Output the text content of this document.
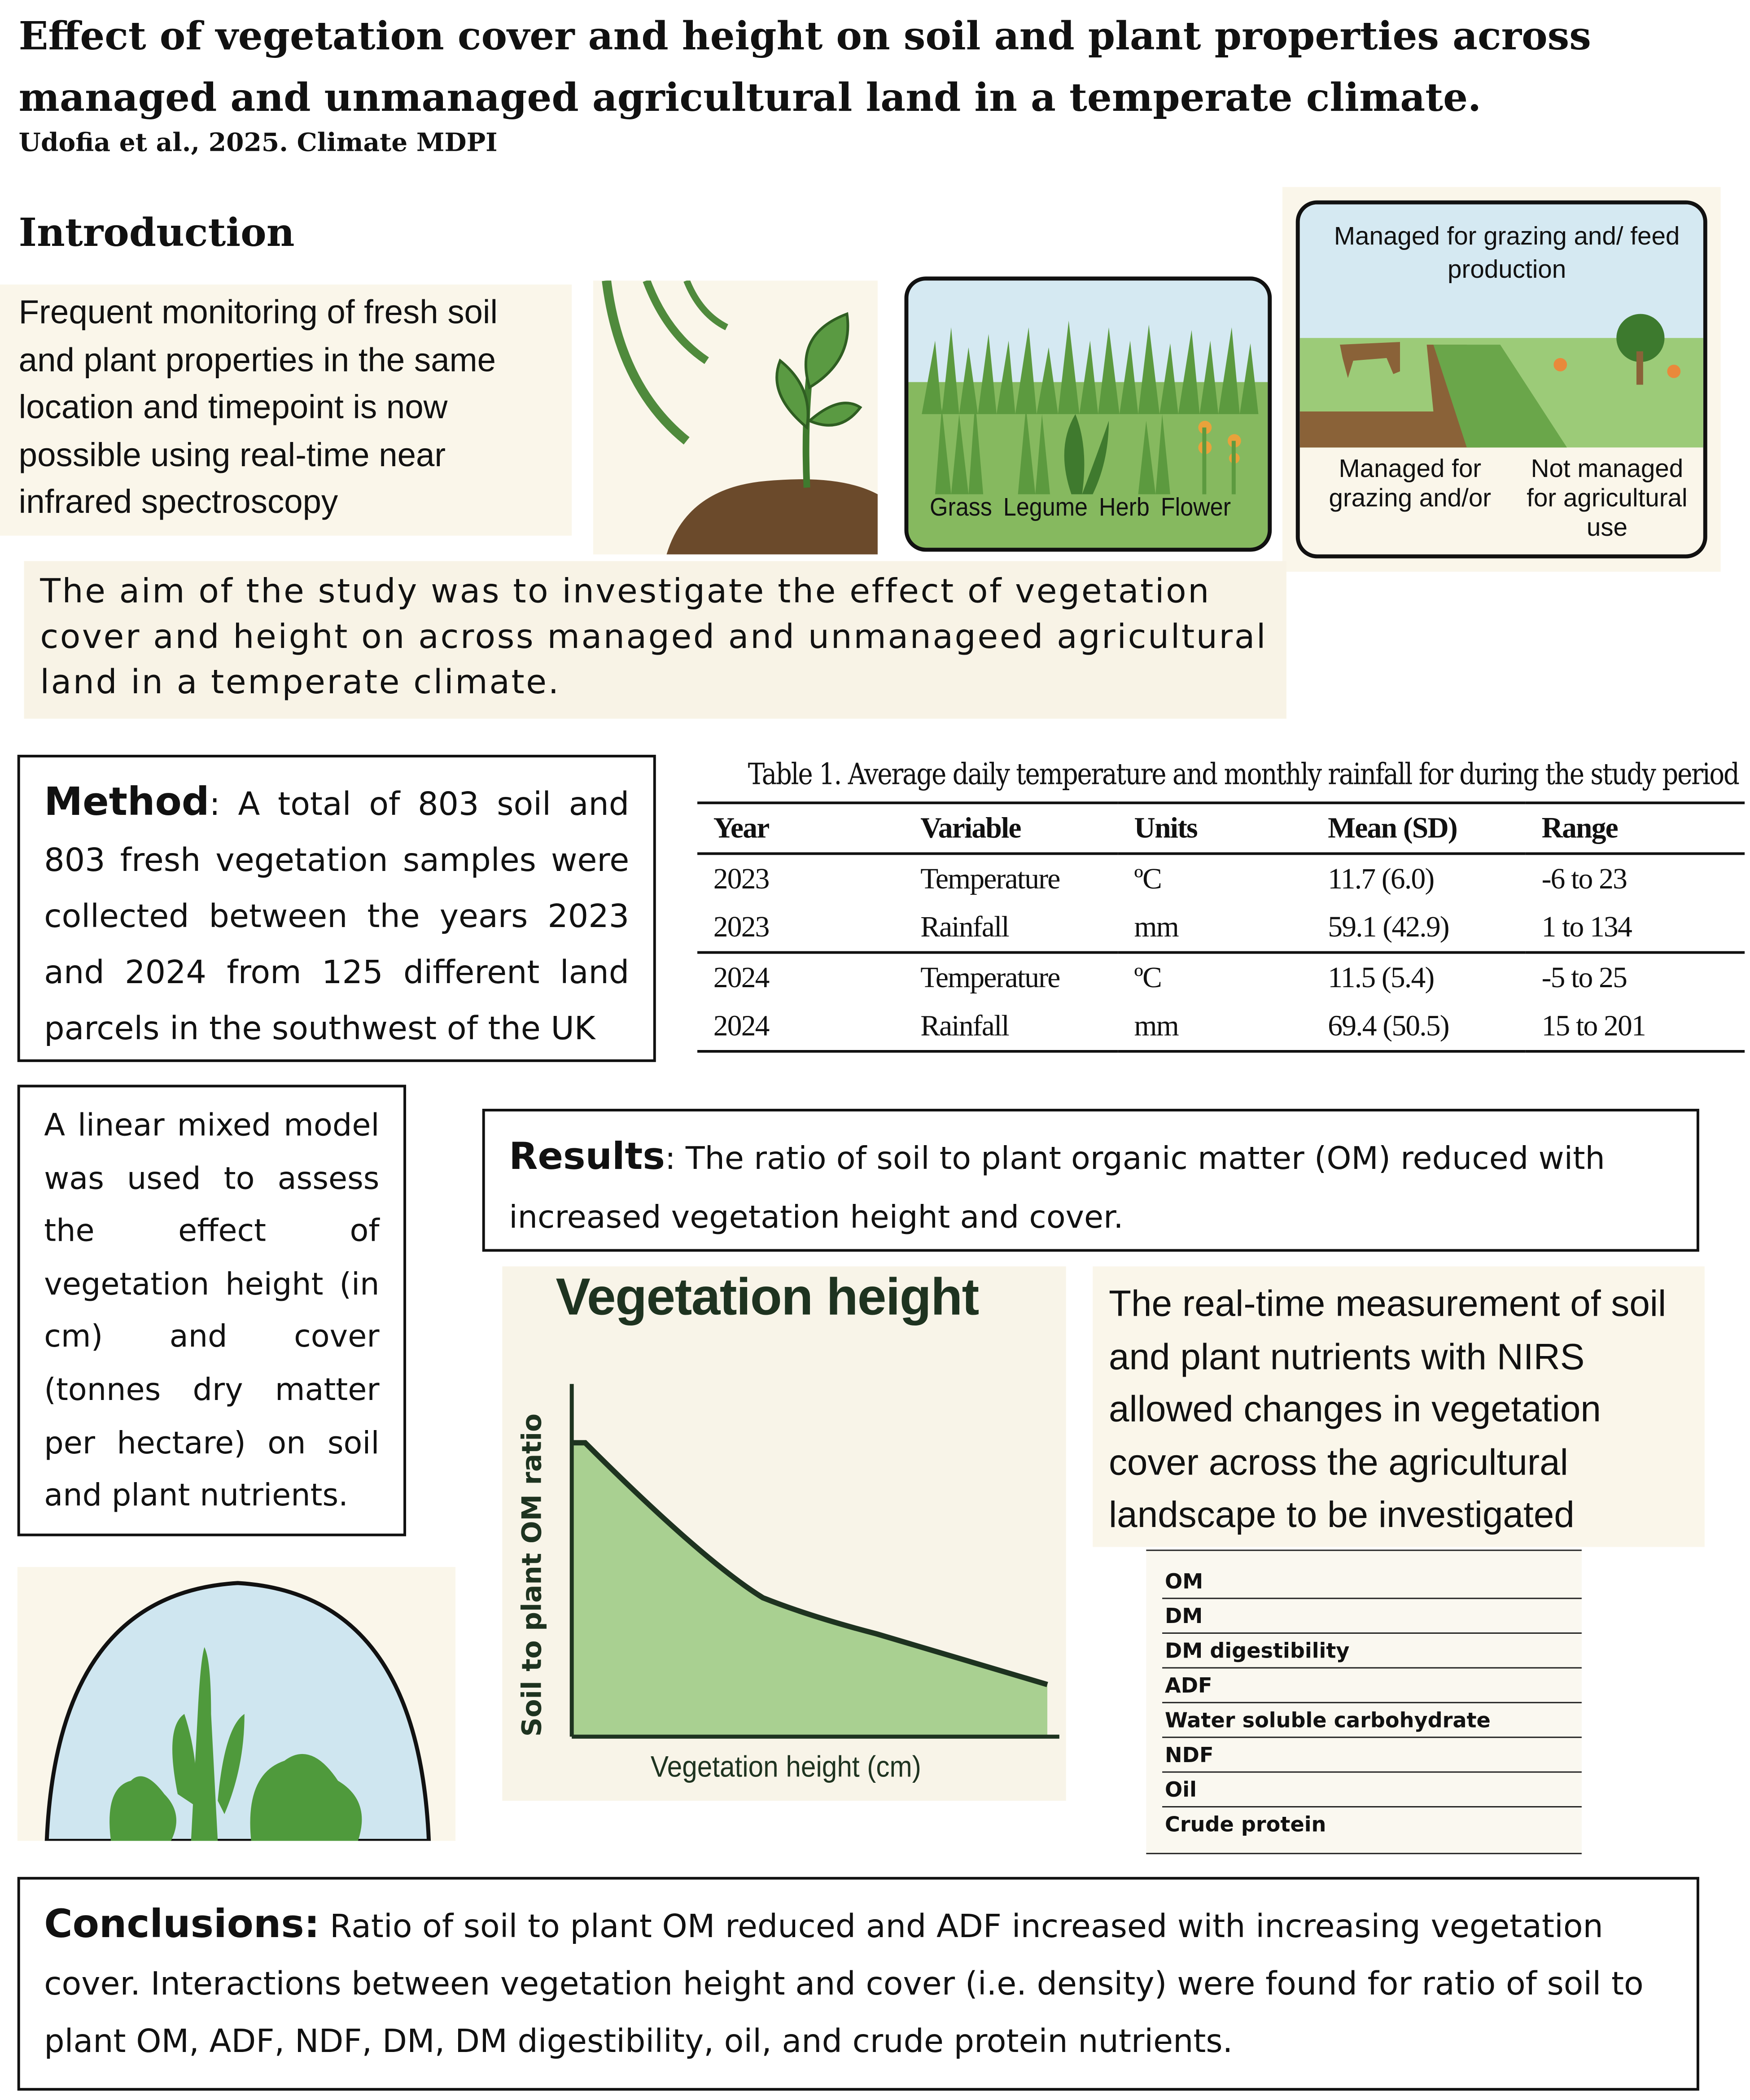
Effect of vegetation cover and height on soil and plant properties across managed and unmanaged agricultural land in a temperate climate.
Udofia et al., 2025. Climate MDPI
Introduction
Frequent monitoring of fresh soil and plant properties in the same location and timepoint is now possible using real-time near infrared spectroscopy	Grass Legume Herb Flower
Managed for grazing and/ feed production
Managed for grazing and/or
Not managed for agricultural use
The aim of the study was to investigate the effect of vegetation cover and height on across managed and unmanageed agricultural land in a temperate climate.
Method: A total of 803 soil and 803 fresh vegetation samples were collected between the years 2023 and 2024 from 125 different land parcels in the southwest of the UK
Table 1. Average daily temperature and monthly rainfall for during the study period
Year	Variable	Units	Mean (SD)	Range
2023	Temperature	ºC	11.7 (6.0)	-6 to 23
2023	Rainfall	mm	59.1 (42.9)	1 to 134
2024	Temperature	ºC	11.5 (5.4)	-5 to 25
2024	Rainfall	mm	69.4 (50.5)	15 to 201
A linear mixed model was used to assess the effect of vegetation height (in cm) and cover (tonnes dry matter per hectare) on soil
and plant nutrients.
Results: The ratio of soil to plant organic matter (OM) reduced with increased vegetation height and cover.
Vegetation height
Vegetation height (cm)
Soil to plant OM ratio
The real-time measurement of soil and plant nutrients with NIRS allowed changes in vegetation cover across the agricultural landscape to be investigated
OM
DM
DM digestibility
ADF
Water soluble carbohydrate
NDF
Oil
Crude protein
Conclusions: Ratio of soil to plant OM reduced and ADF increased with increasing vegetation cover. Interactions between vegetation height and cover (i.e. density) were found for ratio of soil to plant OM, ADF, NDF, DM, DM digestibility, oil, and crude protein nutrients.
